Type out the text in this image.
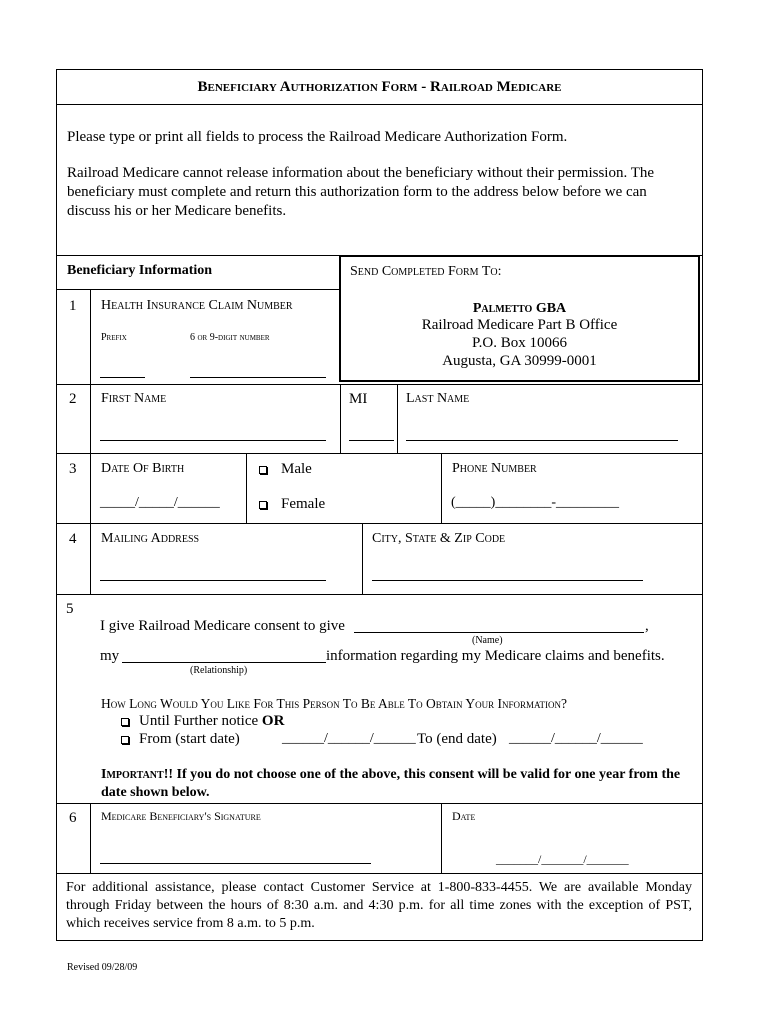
Beneficiary Authorization Form - Railroad Medicare
Please type or print all fields to process the Railroad Medicare Authorization Form.
Railroad Medicare cannot release information about the beneficiary without their permission. The beneficiary must complete and return this authorization form to the address below before we can discuss his or her Medicare benefits.
Beneficiary Information	Send Completed Form To:
Palmetto GBA
Railroad Medicare Part B Office
P.O. Box 10066
Augusta, GA 30999-0001
1 Health Insurance Claim Number
Prefix	6 or 9-digit number
2 First Name	MI	Last Name
3 Date Of Birth
_____/_____/______
Male
Female
Phone Number
(_____)________-_________
4 Mailing Address	City, State & Zip Code
5
I give Railroad Medicare consent to give	,
(Name)
my	information regarding my Medicare claims and benefits.
(Relationship)
How Long Would You Like For This Person To Be Able To Obtain Your Information?
Until Further notice OR
From (start date)	______/______/______ To (end date) ______/______/______
Important!! If you do not choose one of the above, this consent will be valid for one year from the date shown below.
6 Medicare Beneficiary's Signature	Date
_______/_______/_______
For additional assistance, please contact Customer Service at 1-800-833-4455. We are available Monday through Friday between the hours of 8:30 a.m. and 4:30 p.m. for all time zones with the exception of PST, which receives service from 8 a.m. to 5 p.m.
Revised 09/28/09
